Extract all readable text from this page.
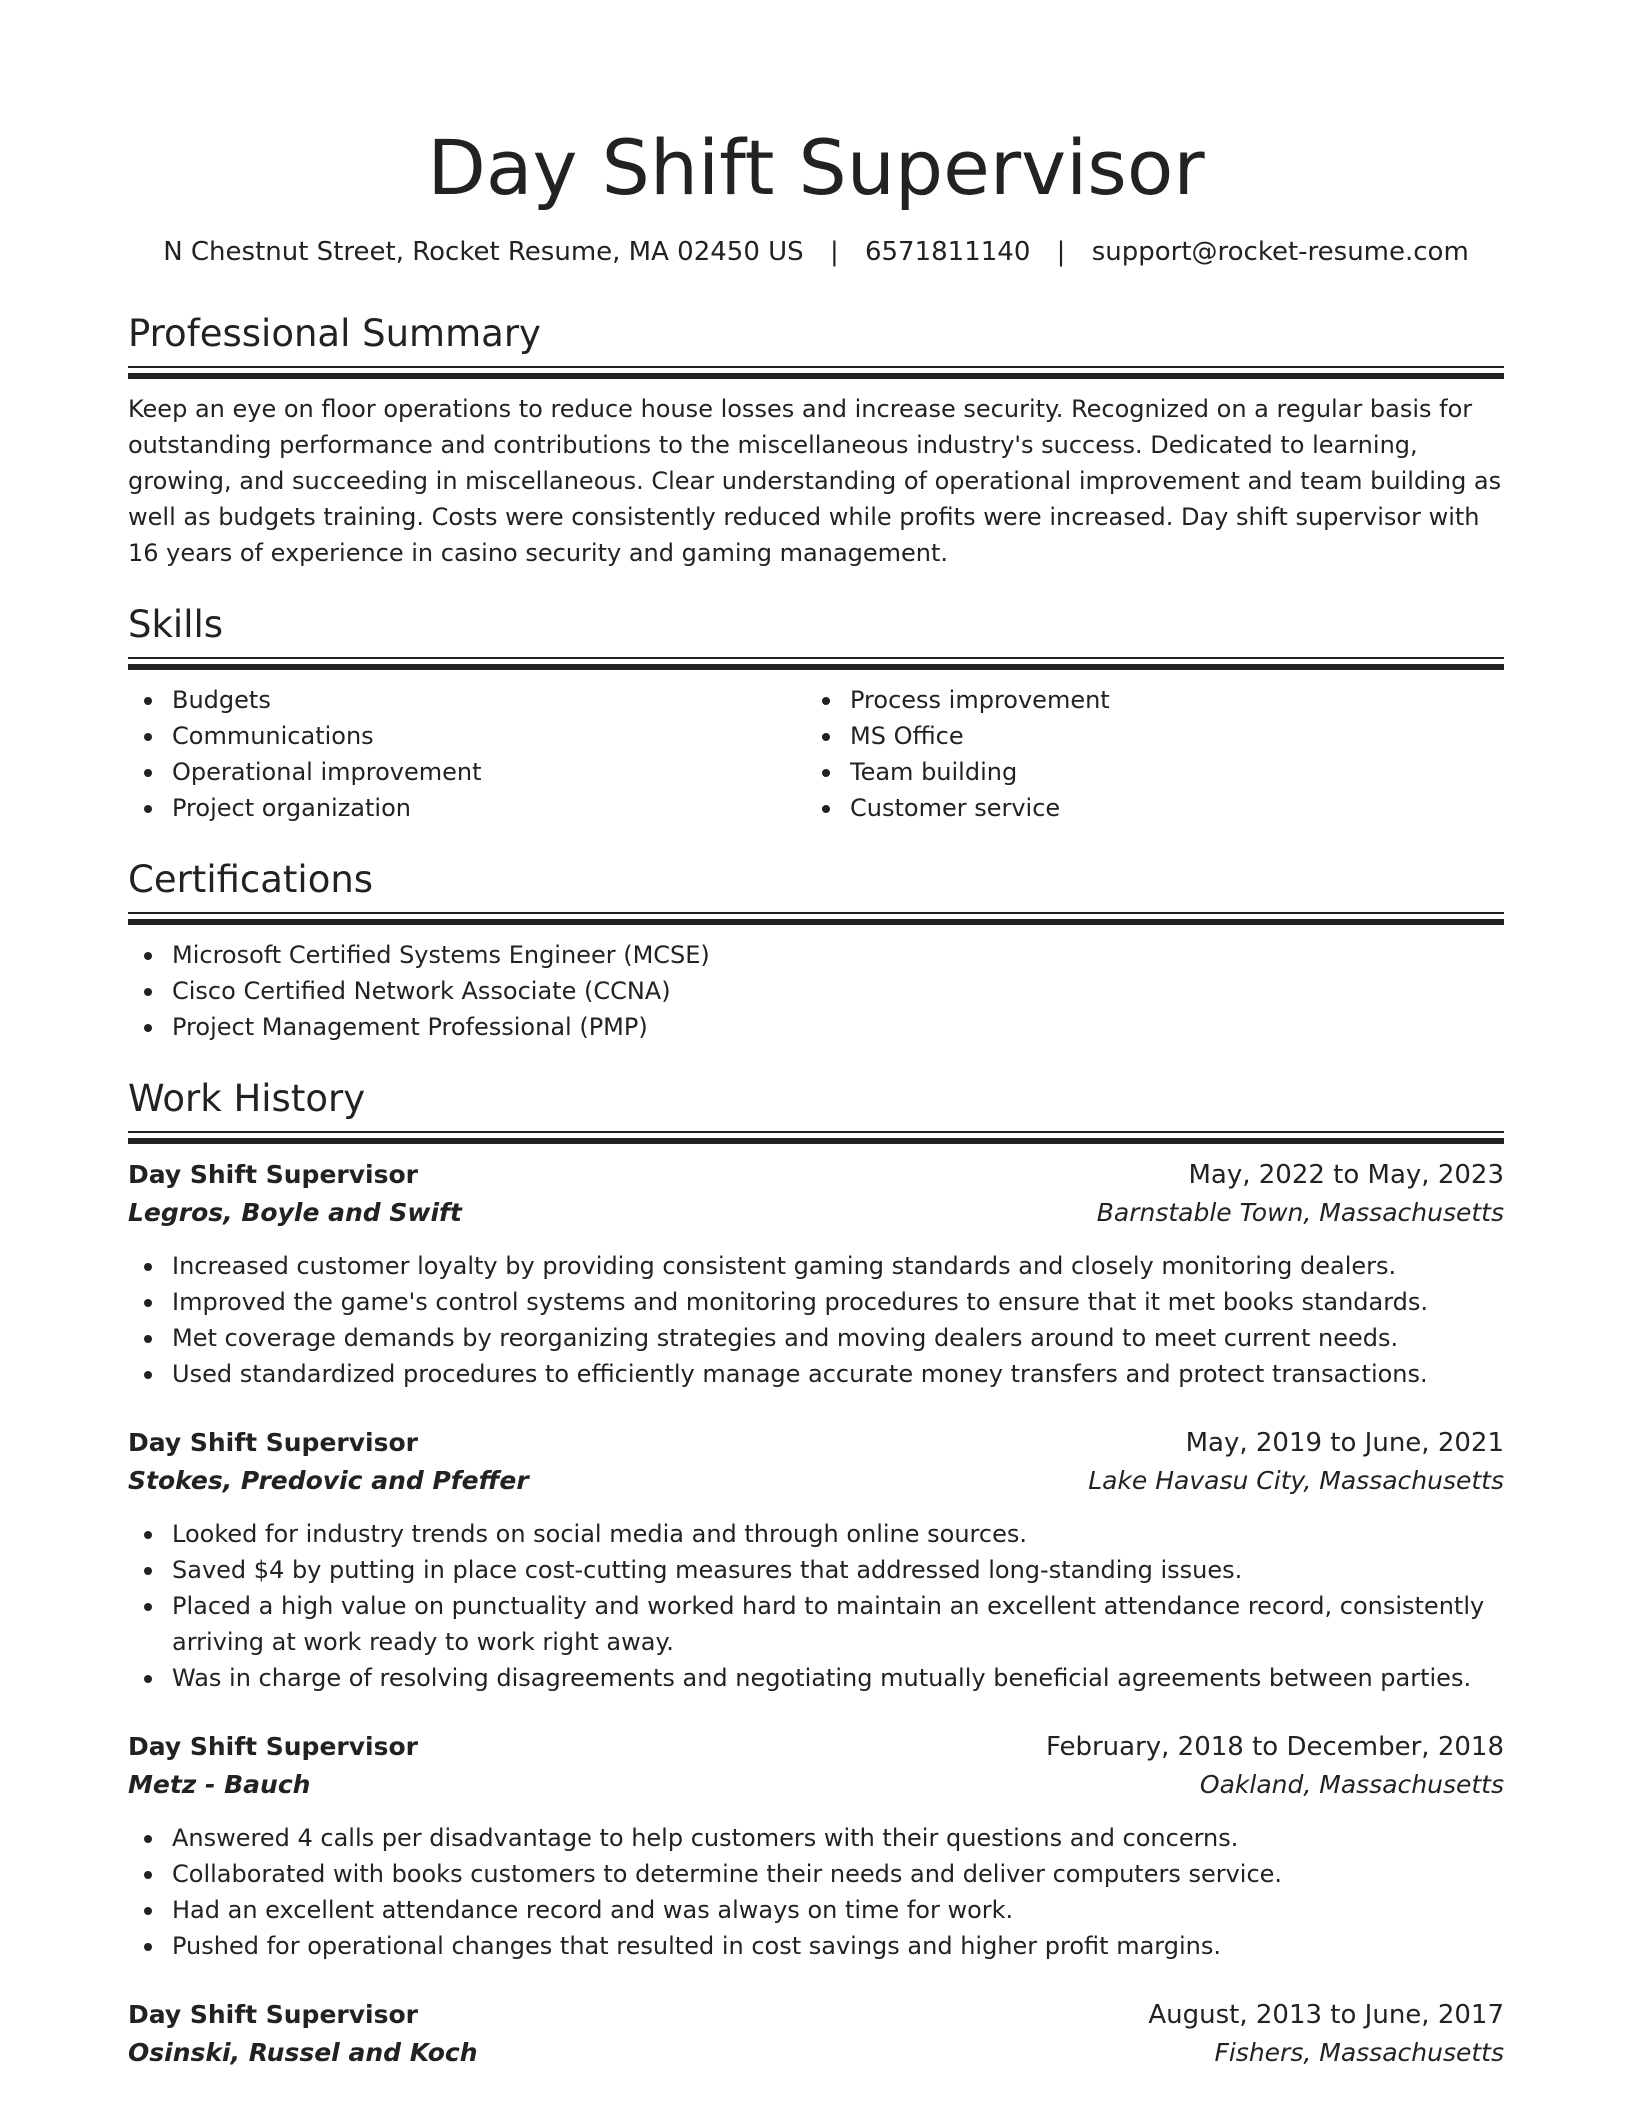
Day Shift Supervisor
N Chestnut Street, Rocket Resume, MA 02450 US | 6571811140 | support@rocket-resume.com
Professional Summary
Keep an eye on floor operations to reduce house losses and increase security. Recognized on a regular basis for outstanding performance and contributions to the miscellaneous industry's success. Dedicated to learning, growing, and succeeding in miscellaneous. Clear understanding of operational improvement and team building as well as budgets training. Costs were consistently reduced while profits were increased. Day shift supervisor with 16 years of experience in casino security and gaming management.
Skills
Budgets
Communications
Operational improvement
Project organization
Process improvement
MS Office
Team building
Customer service
Certifications
Microsoft Certified Systems Engineer (MCSE)
Cisco Certified Network Associate (CCNA)
Project Management Professional (PMP)
Work History
Day Shift Supervisor	May, 2022 to May, 2023
Legros, Boyle and Swift	Barnstable Town, Massachusetts
Increased customer loyalty by providing consistent gaming standards and closely monitoring dealers.
Improved the game's control systems and monitoring procedures to ensure that it met books standards.
Met coverage demands by reorganizing strategies and moving dealers around to meet current needs.
Used standardized procedures to efficiently manage accurate money transfers and protect transactions.
Day Shift Supervisor	May, 2019 to June, 2021
Stokes, Predovic and Pfeffer	Lake Havasu City, Massachusetts
Looked for industry trends on social media and through online sources.
Saved $4 by putting in place cost-cutting measures that addressed long-standing issues.
Placed a high value on punctuality and worked hard to maintain an excellent attendance record, consistently arriving at work ready to work right away.
Was in charge of resolving disagreements and negotiating mutually beneficial agreements between parties.
Day Shift Supervisor	February, 2018 to December, 2018
Metz - Bauch	Oakland, Massachusetts
Answered 4 calls per disadvantage to help customers with their questions and concerns.
Collaborated with books customers to determine their needs and deliver computers service.
Had an excellent attendance record and was always on time for work.
Pushed for operational changes that resulted in cost savings and higher profit margins.
Day Shift Supervisor	August, 2013 to June, 2017
Osinski, Russel and Koch	Fishers, Massachusetts
